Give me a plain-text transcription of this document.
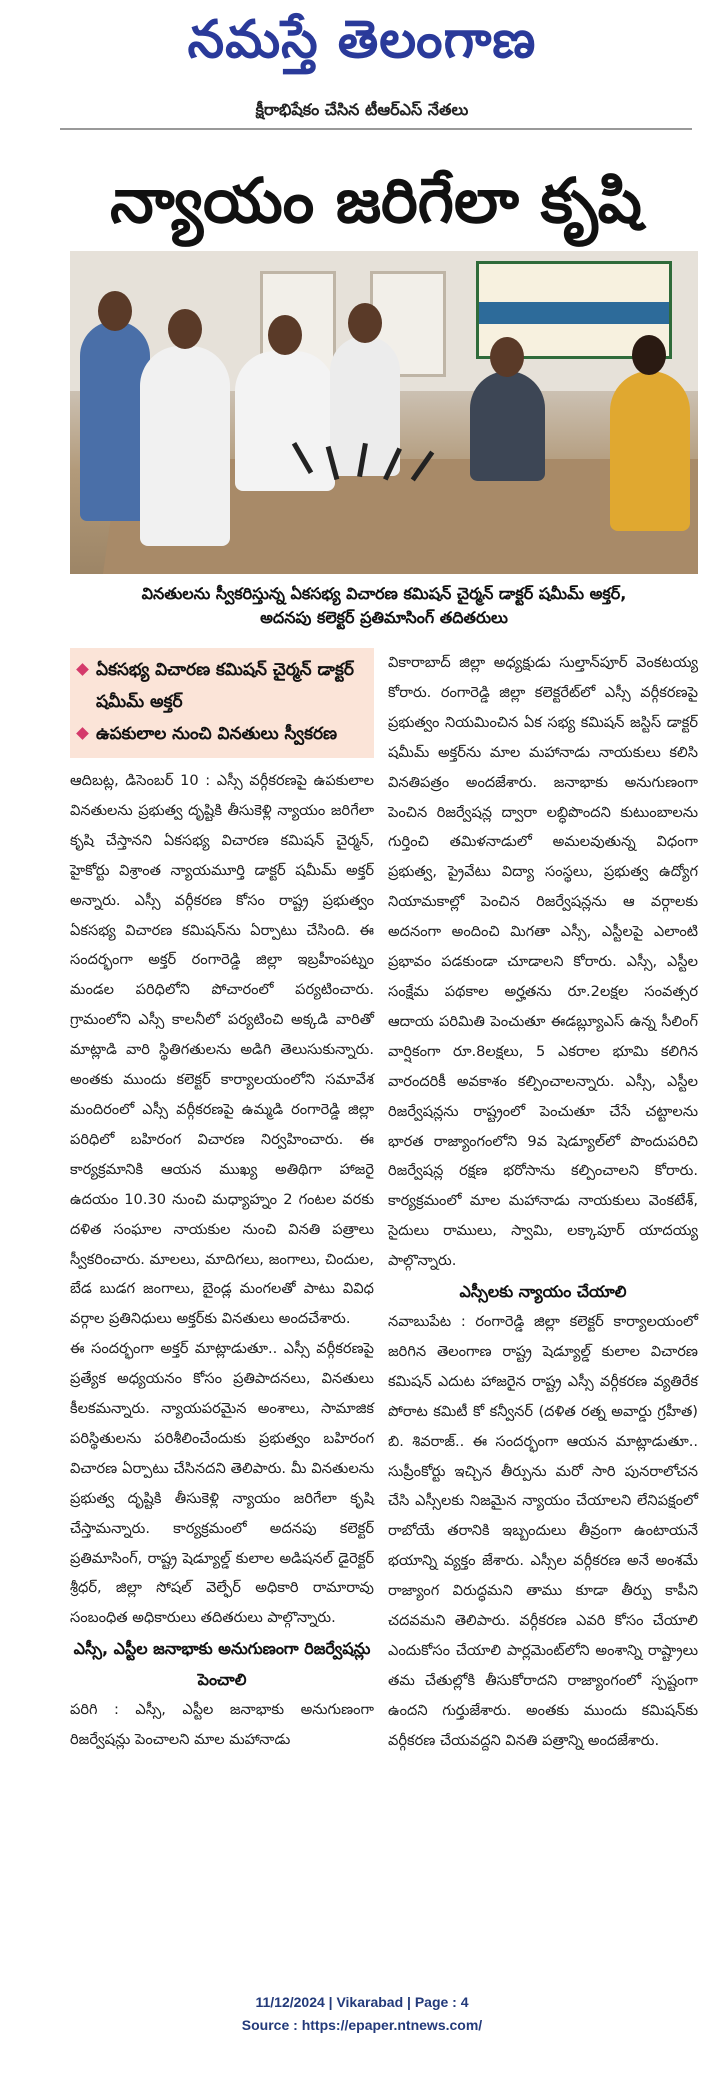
నమస్తే తెలంగాణ
క్షీరాభిషేకం చేసిన టీఆర్‌ఎస్ నేతలు
న్యాయం జరిగేలా కృషి
వినతులను స్వీకరిస్తున్న ఏకసభ్య విచారణ కమిషన్ చైర్మన్ డాక్టర్ షమీమ్ అక్తర్,
అదనపు కలెక్టర్ ప్రతిమాసింగ్ తదితరులు
ఏకసభ్య విచారణ కమిషన్ చైర్మన్ డాక్టర్ షమీమ్ అక్తర్
ఉపకులాల నుంచి వినతులు స్వీకరణ

ఆదిబట్ల, డిసెంబర్ 10 : ఎస్సీ వర్గీకరణపై ఉపకులాల వినతులను ప్రభుత్వ దృష్టికి తీసుకెళ్లి న్యాయం జరిగేలా కృషి చేస్తానని ఏకసభ్య విచారణ కమిషన్ చైర్మన్, హైకోర్టు విశ్రాంత న్యాయమూర్తి డాక్టర్ షమీమ్ అక్తర్ అన్నారు. ఎస్సీ వర్గీకరణ కోసం రాష్ట్ర ప్రభుత్వం ఏకసభ్య విచారణ కమిషన్‌ను ఏర్పాటు చేసింది. ఈ సందర్భంగా అక్తర్ రంగారెడ్డి జిల్లా ఇబ్రహీంపట్నం మండల పరిధిలోని పోచారంలో పర్యటించారు. గ్రామంలోని ఎస్సీ కాలనీలో పర్యటించి అక్కడి వారితో మాట్లాడి వారి స్థితిగతులను అడిగి తెలుసుకున్నారు. అంతకు ముందు కలెక్టర్ కార్యాలయంలోని సమావేశ మందిరంలో ఎస్సీ వర్గీకరణపై ఉమ్మడి రంగారెడ్డి జిల్లా పరిధిలో బహిరంగ విచారణ నిర్వహించారు. ఈ కార్యక్రమానికి ఆయన ముఖ్య అతిథిగా హాజరై ఉదయం 10.30 నుంచి మధ్యాహ్నం 2 గంటల వరకు దళిత సంఘాల నాయకుల నుంచి వినతి పత్రాలు స్వీకరించారు. మాలలు, మాదిగలు, జంగాలు, చిందుల, బేడ బుడగ జంగాలు, బైండ్ల మంగలతో పాటు వివిధ వర్గాల ప్రతినిధులు అక్తర్‌కు వినతులు అందచేశారు.

ఈ సందర్భంగా అక్తర్ మాట్లాడుతూ.. ఎస్సీ వర్గీకరణపై ప్రత్యేక అధ్యయనం కోసం ప్రతిపాదనలు, వినతులు కీలకమన్నారు. న్యాయపరమైన అంశాలు, సామాజిక పరిస్థితులను పరిశీలించేందుకు ప్రభుత్వం బహిరంగ విచారణ ఏర్పాటు చేసినదని తెలిపారు. మీ వినతులను ప్రభుత్వ దృష్టికి తీసుకెళ్లి న్యాయం జరిగేలా కృషి చేస్తామన్నారు. కార్యక్రమంలో అదనపు కలెక్టర్ ప్రతిమాసింగ్, రాష్ట్ర షెడ్యూల్డ్ కులాల అడిషనల్ డైరెక్టర్ శ్రీధర్, జిల్లా సోషల్ వెల్ఫేర్ అధికారి రామారావు సంబంధిత అధికారులు తదితరులు పాల్గొన్నారు.

ఎస్సీ, ఎస్టీల జనాభాకు అనుగుణంగా రిజర్వేషన్లు పెంచాలి

పరిగి : ఎస్సీ, ఎస్టీల జనాభాకు అనుగుణంగా రిజర్వేషన్లు పెంచాలని మాల మహానాడు

వికారాబాద్ జిల్లా అధ్యక్షుడు సుల్తాన్‌పూర్ వెంకటయ్య కోరారు. రంగారెడ్డి జిల్లా కలెక్టరేట్‌లో ఎస్సీ వర్గీకరణపై ప్రభుత్వం నియమించిన ఏక సభ్య కమిషన్ జస్టిస్ డాక్టర్ షమీమ్ అక్తర్‌ను మాల మహానాడు నాయకులు కలిసి వినతిపత్రం అందజేశారు. జనాభాకు అనుగుణంగా పెంచిన రిజర్వేషన్ల ద్వారా లబ్ధిపొందని కుటుంబాలను గుర్తించి తమిళనాడులో అమలవుతున్న విధంగా ప్రభుత్వ, ప్రైవేటు విద్యా సంస్థలు, ప్రభుత్వ ఉద్యోగ నియామకాల్లో పెంచిన రిజర్వేషన్లను ఆ వర్గాలకు అదనంగా అందించి మిగతా ఎస్సీ, ఎస్టీలపై ఎలాంటి ప్రభావం పడకుండా చూడాలని కోరారు. ఎస్సీ, ఎస్టీల సంక్షేమ పథకాల అర్హతను రూ.2లక్షల సంవత్సర ఆదాయ పరిమితి పెంచుతూ ఈడబ్ల్యూఎస్ ఉన్న సీలింగ్ వార్షికంగా రూ.8లక్షలు, 5 ఎకరాల భూమి కలిగిన వారందరికీ అవకాశం కల్పించాలన్నారు. ఎస్సీ, ఎస్టీల రిజర్వేషన్లను రాష్ట్రంలో పెంచుతూ చేసే చట్టాలను భారత రాజ్యాంగంలోని 9వ షెడ్యూల్‌లో పొందుపరిచి రిజర్వేషన్ల రక్షణ భరోసాను కల్పించాలని కోరారు. కార్యక్రమంలో మాల మహానాడు నాయకులు వెంకటేశ్, సైదులు రాములు, స్వామి, లక్కాపూర్ యాదయ్య పాల్గొన్నారు.

ఎస్సీలకు న్యాయం చేయాలి

నవాబుపేట : రంగారెడ్డి జిల్లా కలెక్టర్ కార్యాలయంలో జరిగిన తెలంగాణ రాష్ట్ర షెడ్యూల్డ్ కులాల విచారణ కమిషన్ ఎదుట హాజరైన రాష్ట్ర ఎస్సీ వర్గీకరణ వ్యతిరేక పోరాట కమిటీ కో కన్వీనర్ (దళిత రత్న అవార్డు గ్రహీత) బి. శివరాజ్.. ఈ సందర్భంగా ఆయన మాట్లాడుతూ.. సుప్రీంకోర్టు ఇచ్చిన తీర్పును మరో సారి పునరాలోచన చేసి ఎస్సీలకు నిజమైన న్యాయం చేయాలని లేనిపక్షంలో రాబోయే తరానికి ఇబ్బందులు తీవ్రంగా ఉంటాయనే భయాన్ని వ్యక్తం జేశారు. ఎస్సీల వర్గీకరణ అనే అంశమే రాజ్యాంగ విరుద్ధమని తాము కూడా తీర్పు కాపీని చదవమని తెలిపారు. వర్గీకరణ ఎవరి కోసం చేయాలి ఎందుకోసం చేయాలి పార్లమెంట్‌లోని అంశాన్ని రాష్ట్రాలు తమ చేతుల్లోకి తీసుకోరాదని రాజ్యాంగంలో స్పష్టంగా ఉందని గుర్తుజేశారు. అంతకు ముందు కమిషన్‌కు వర్గీకరణ చేయవద్దని వినతి పత్రాన్ని అందజేశారు.

11/12/2024 | Vikarabad | Page : 4
Source : https://epaper.ntnews.com/
